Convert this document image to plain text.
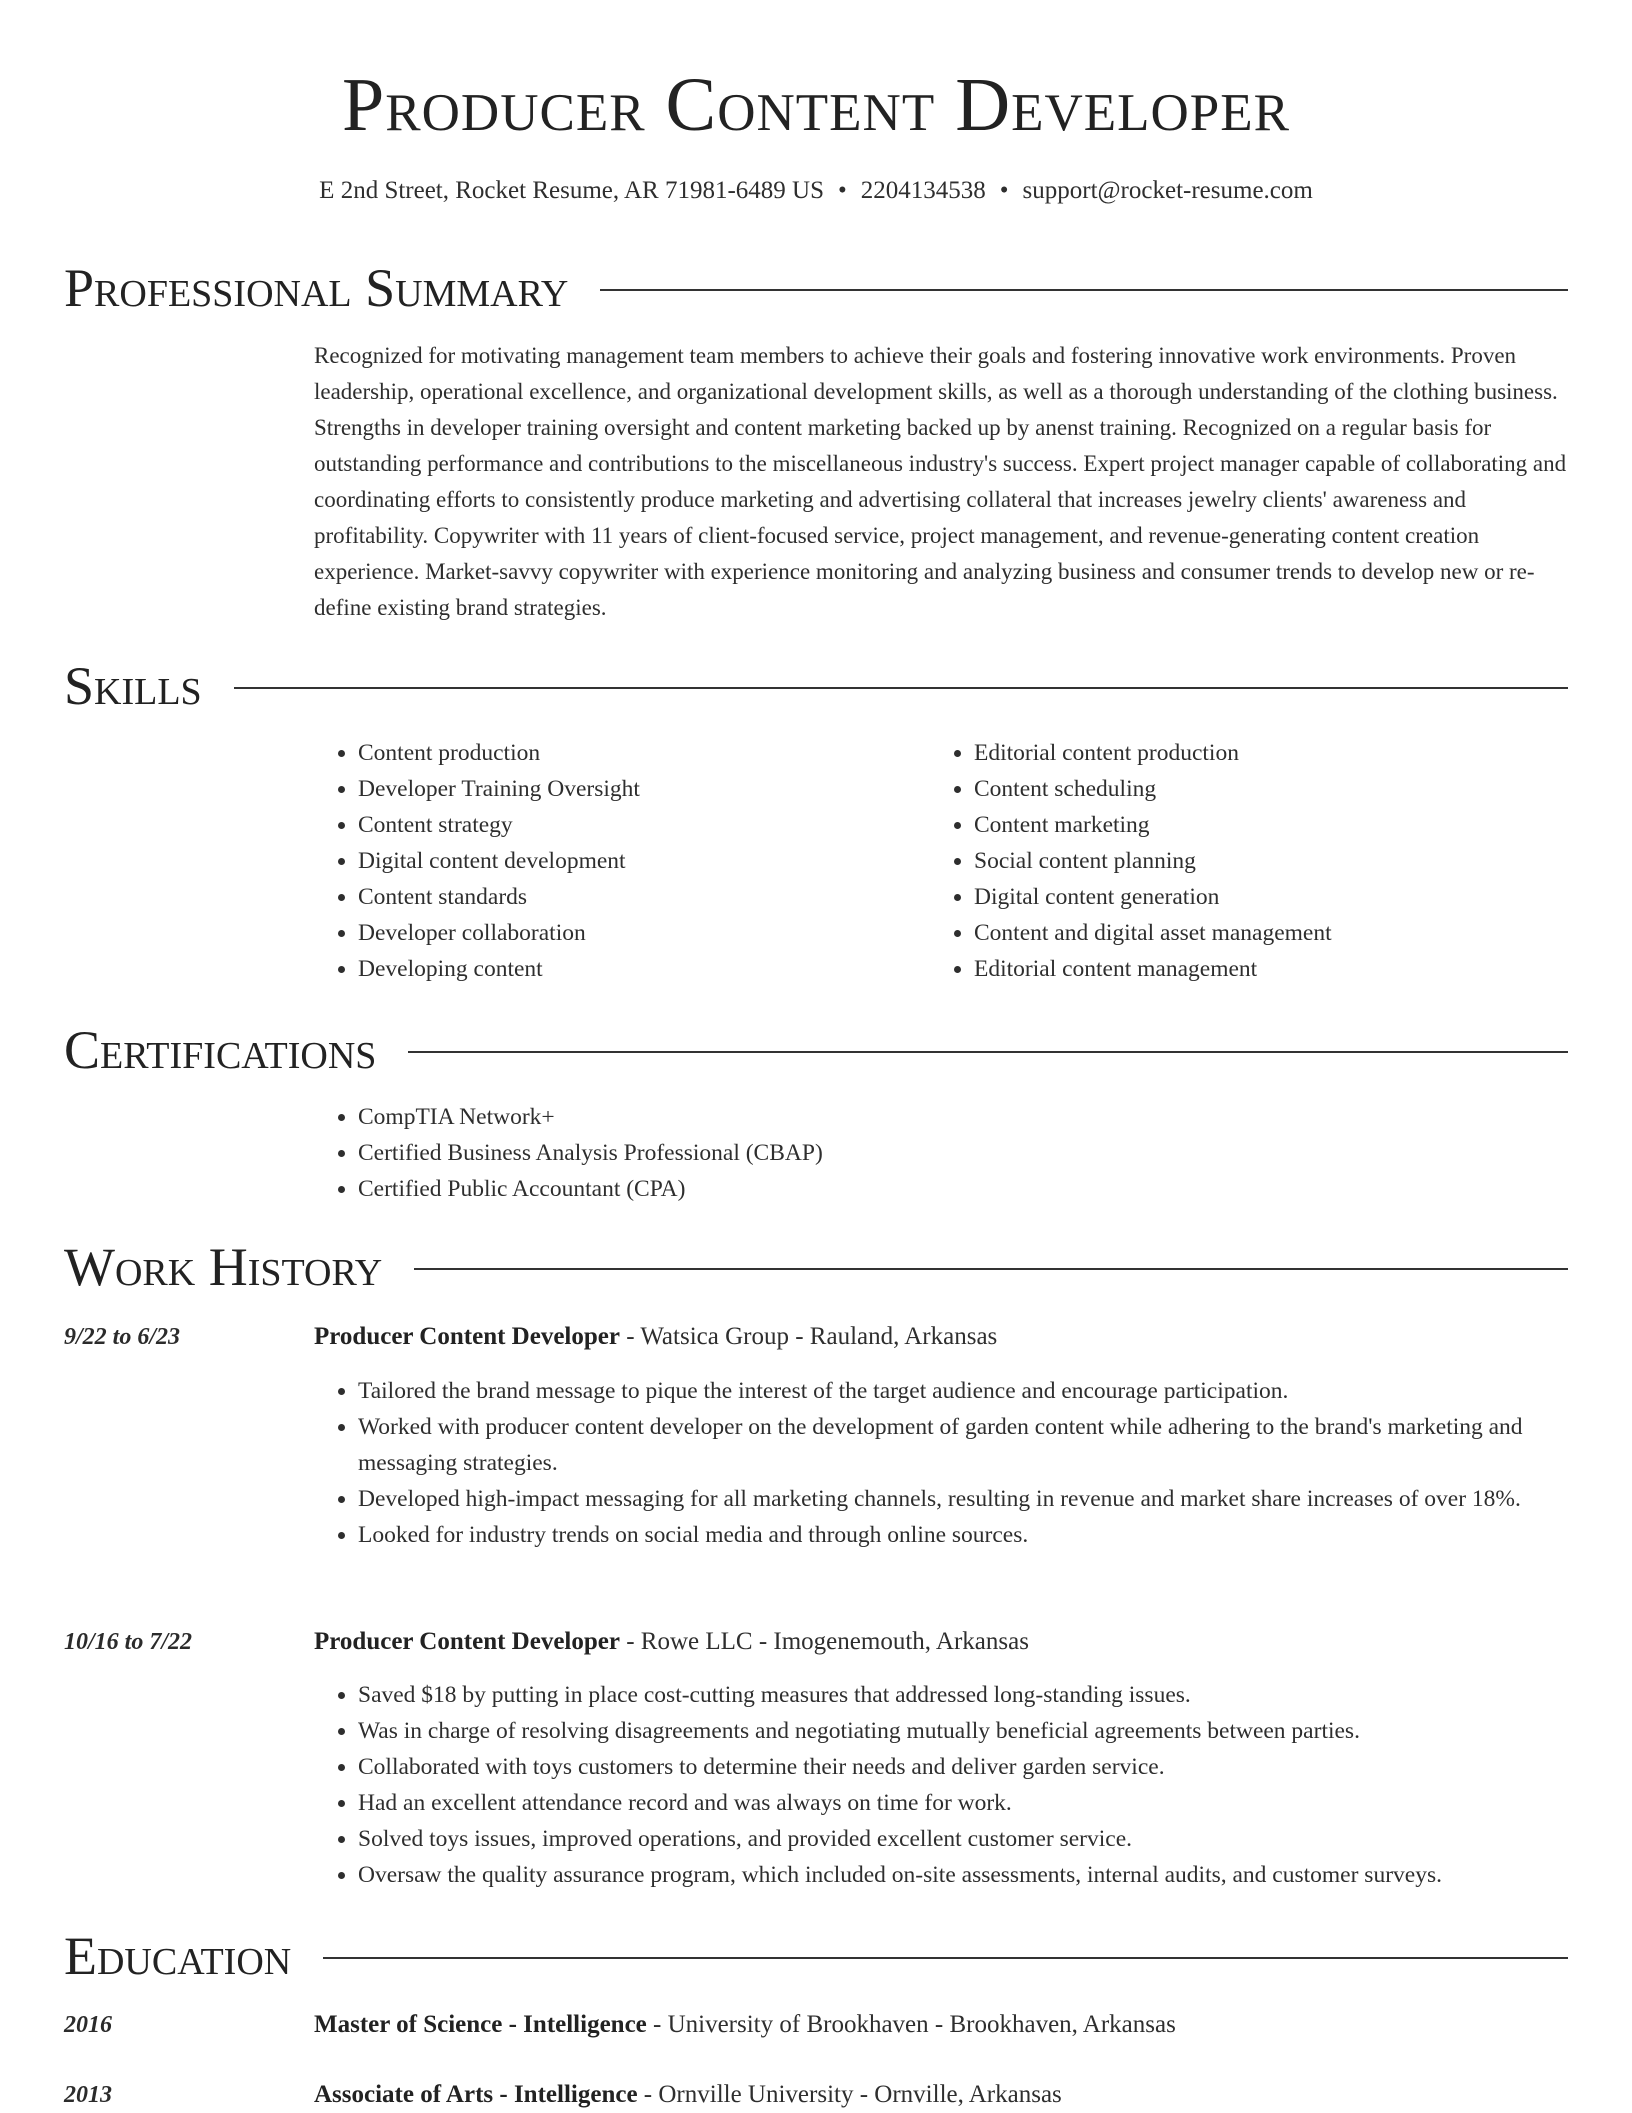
Producer Content Developer
E 2nd Street, Rocket Resume, AR 71981-6489 US • 2204134538 • support@rocket-resume.com
Professional Summary

Recognized for motivating management team members to achieve their goals and fostering innovative work environments. Proven leadership, operational excellence, and organizational development skills, as well as a thorough understanding of the clothing business. Strengths in developer training oversight and content marketing backed up by anenst training. Recognized on a regular basis for outstanding performance and contributions to the miscellaneous industry's success. Expert project manager capable of collaborating and coordinating efforts to consistently produce marketing and advertising collateral that increases jewelry clients' awareness and profitability. Copywriter with 11 years of client-focused service, project management, and revenue-generating content creation experience. Market-savvy copywriter with experience monitoring and analyzing business and consumer trends to develop new or re-define existing brand strategies.

Skills
• Content production
• Developer Training Oversight
• Content strategy
• Digital content development
• Content standards
• Developer collaboration
• Developing content
• Editorial content production
• Content scheduling
• Content marketing
• Social content planning
• Digital content generation
• Content and digital asset management
• Editorial content management
Certifications
• CompTIA Network+
• Certified Business Analysis Professional (CBAP)
• Certified Public Accountant (CPA)
Work History
9/22 to 6/23	Producer Content Developer - Watsica Group - Rauland, Arkansas
• Tailored the brand message to pique the interest of the target audience and encourage participation.
• Worked with producer content developer on the development of garden content while adhering to the brand's marketing and messaging strategies.
• Developed high-impact messaging for all marketing channels, resulting in revenue and market share increases of over 18%.
• Looked for industry trends on social media and through online sources.
10/16 to 7/22	Producer Content Developer - Rowe LLC - Imogenemouth, Arkansas
• Saved $18 by putting in place cost-cutting measures that addressed long-standing issues.
• Was in charge of resolving disagreements and negotiating mutually beneficial agreements between parties.
• Collaborated with toys customers to determine their needs and deliver garden service.
• Had an excellent attendance record and was always on time for work.
• Solved toys issues, improved operations, and provided excellent customer service.
• Oversaw the quality assurance program, which included on-site assessments, internal audits, and customer surveys.
Education
2016	Master of Science - Intelligence - University of Brookhaven - Brookhaven, Arkansas
2013	Associate of Arts - Intelligence - Ornville University - Ornville, Arkansas
